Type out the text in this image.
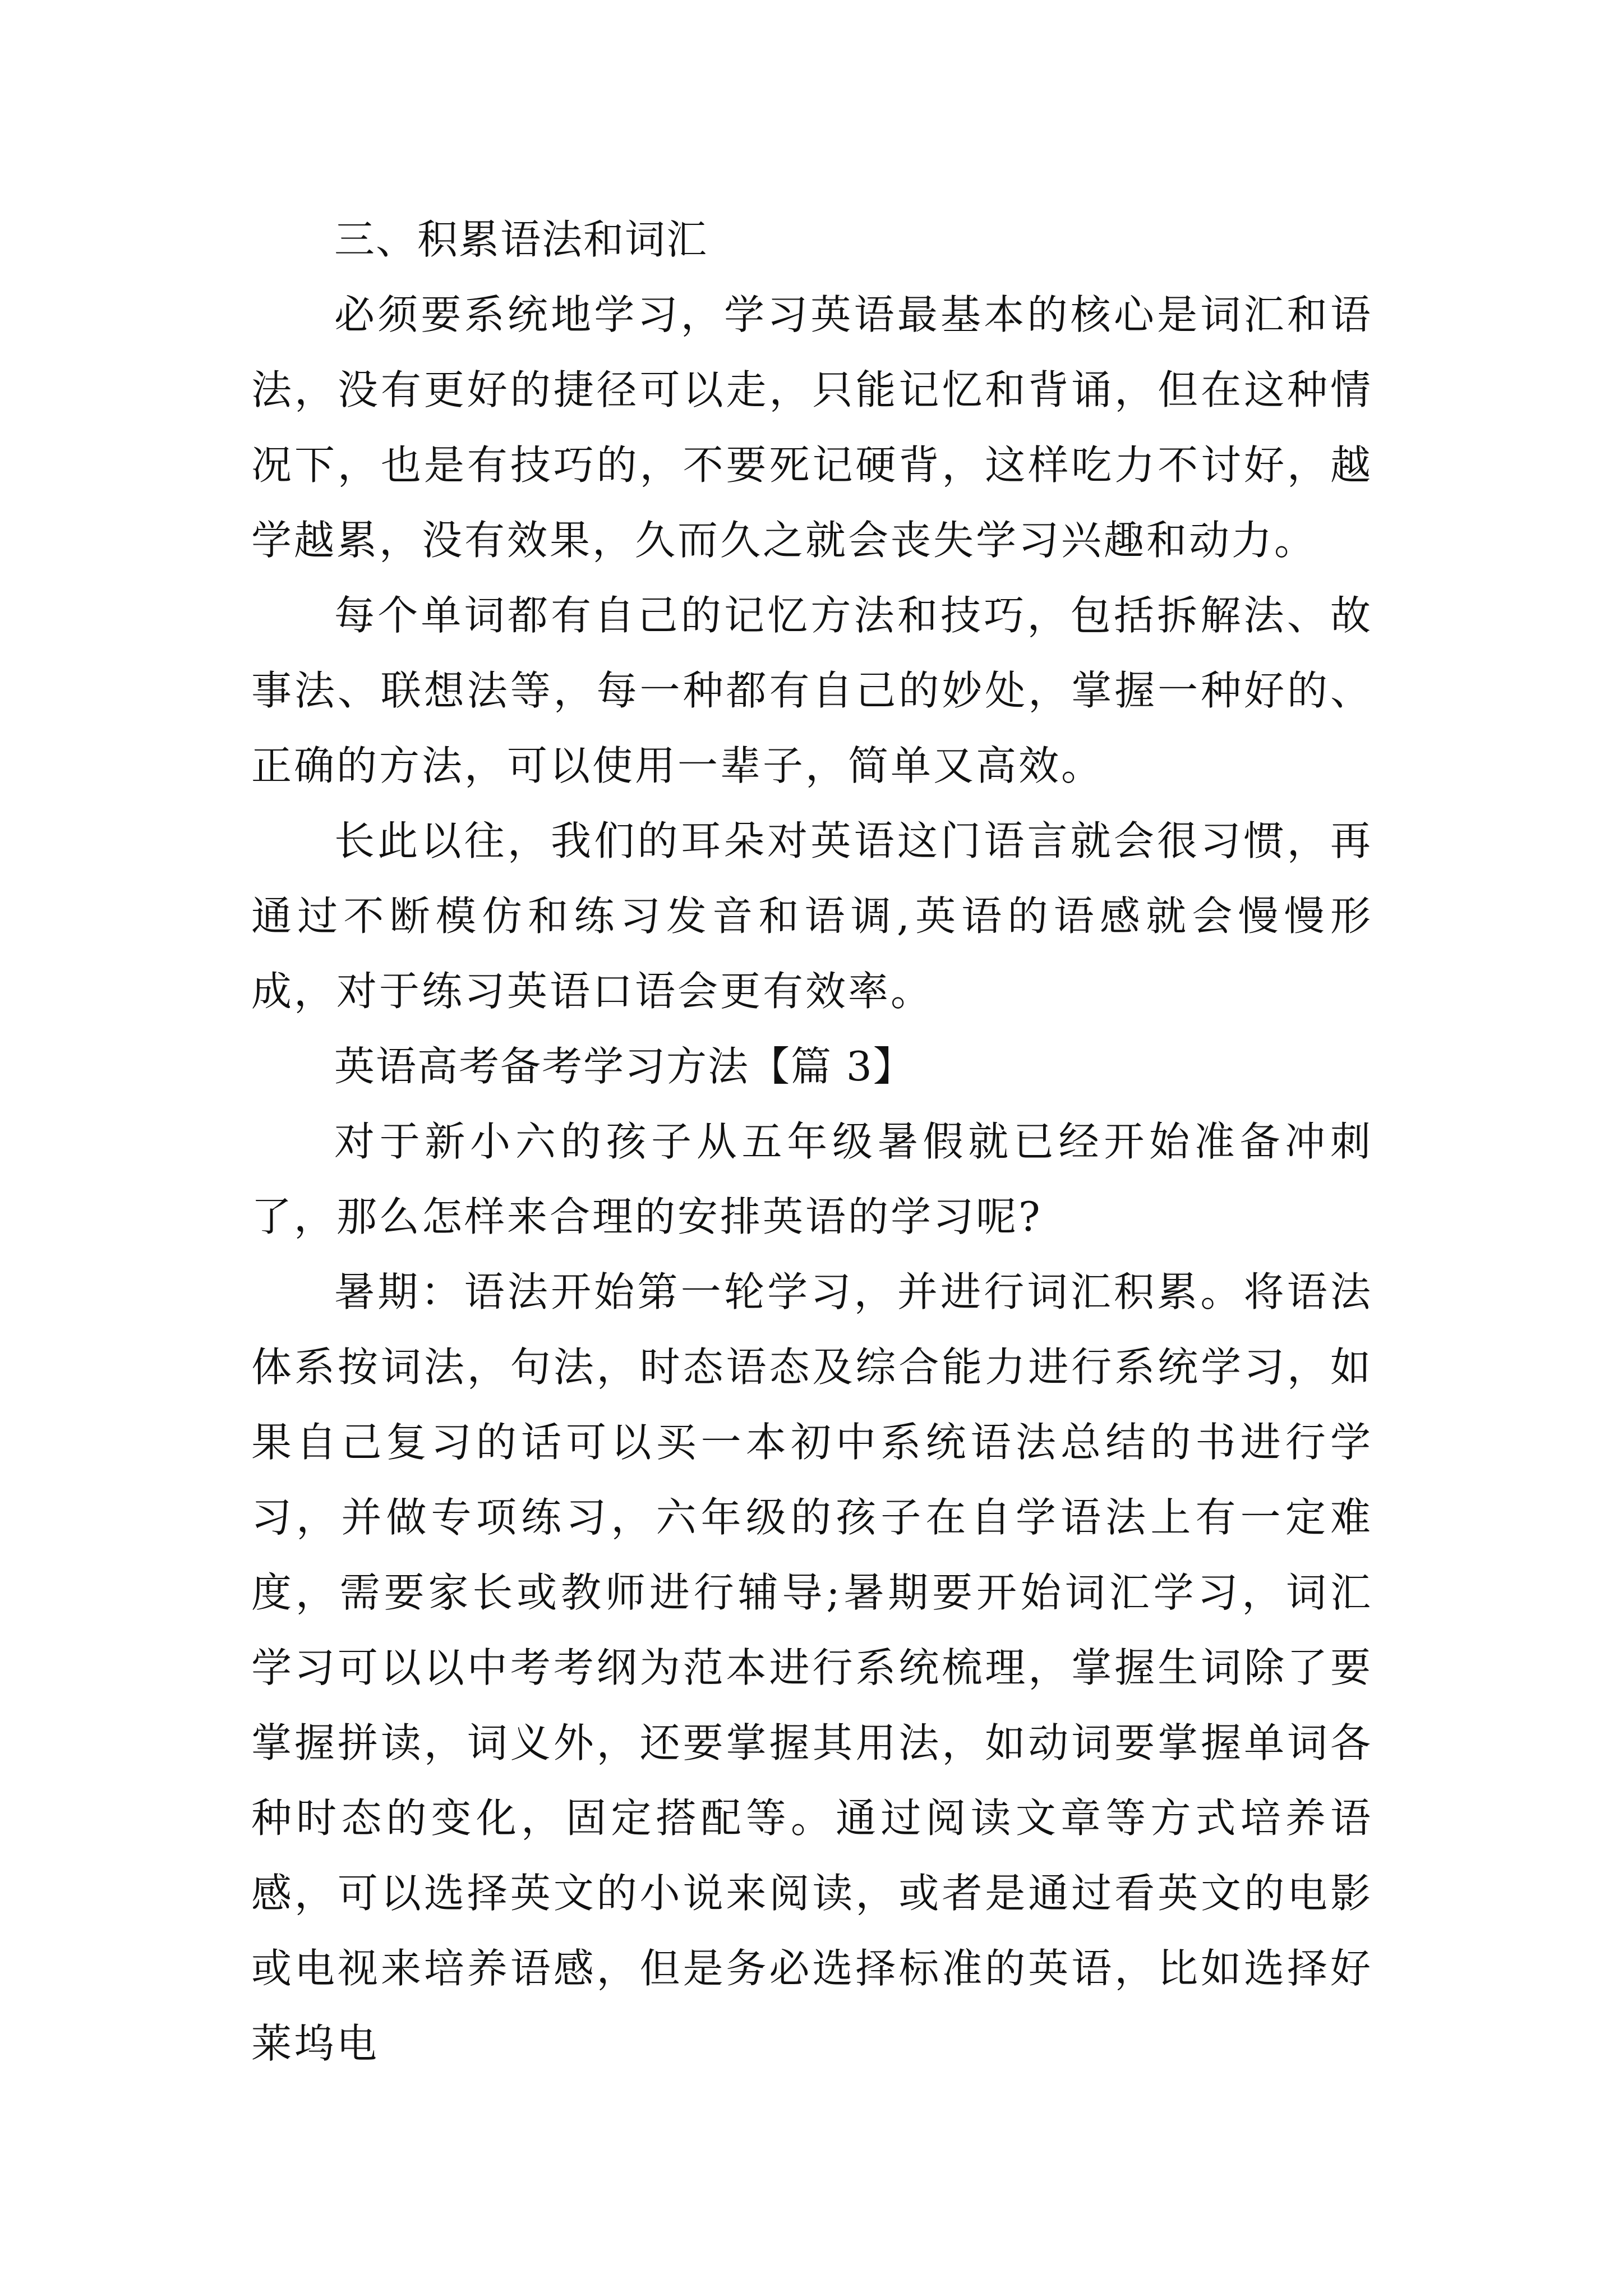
三、积累语法和词汇

必须要系统地学习，学习英语最基本的核心是词汇和语法，没有更好的捷径可以走，只能记忆和背诵，但在这种情况下，也是有技巧的，不要死记硬背，这样吃力不讨好，越学越累，没有效果，久而久之就会丧失学习兴趣和动力。

每个单词都有自己的记忆方法和技巧，包括拆解法、故事法、联想法等，每一种都有自己的妙处，掌握一种好的、正确的方法，可以使用一辈子，简单又高效。

长此以往，我们的耳朵对英语这门语言就会很习惯，再通过不断模仿和练习发音和语调,英语的语感就会慢慢形成，对于练习英语口语会更有效率。

英语高考备考学习方法【篇 3】

对于新小六的孩子从五年级暑假就已经开始准备冲刺了，那么怎样来合理的安排英语的学习呢?

暑期：语法开始第一轮学习，并进行词汇积累。将语法体系按词法，句法，时态语态及综合能力进行系统学习，如果自己复习的话可以买一本初中系统语法总结的书进行学习，并做专项练习，六年级的孩子在自学语法上有一定难度，需要家长或教师进行辅导;暑期要开始词汇学习，词汇学习可以以中考考纲为范本进行系统梳理，掌握生词除了要掌握拼读，词义外，还要掌握其用法，如动词要掌握单词各种时态的变化，固定搭配等。通过阅读文章等方式培养语感，可以选择英文的小说来阅读，或者是通过看英文的电影或电视来培养语感，但是务必选择标准的英语，比如选择好莱坞电
